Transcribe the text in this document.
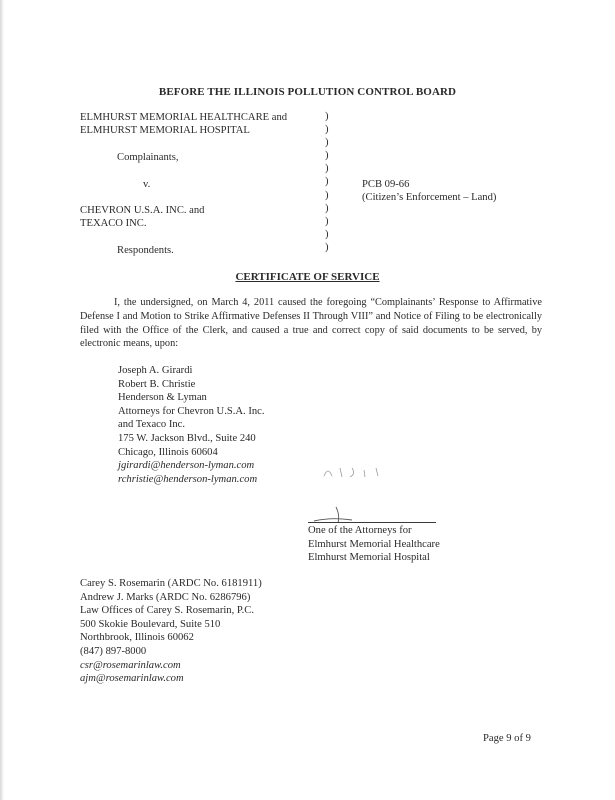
BEFORE THE ILLINOIS POLLUTION CONTROL BOARD
ELMHURST MEMORIAL HEALTHCARE and
ELMHURST MEMORIAL HOSPITAL
Complainants,
v.
CHEVRON U.S.A. INC. and
TEXACO INC.
Respondents.
)
)
)
)
)
)
)
)
)
)
)
PCB 09-66
(Citizen’s Enforcement – Land)
CERTIFICATE OF SERVICE
I, the undersigned, on March 4, 2011 caused the foregoing “Complainants’ Response to Affirmative Defense I and Motion to Strike Affirmative Defenses II Through VIII” and Notice of Filing to be electronically filed with the Office of the Clerk, and caused a true and correct copy of said documents to be served, by electronic means, upon:
Joseph A. Girardi
Robert B. Christie
Henderson & Lyman
Attorneys for Chevron U.S.A. Inc.
and Texaco Inc.
175 W. Jackson Blvd., Suite 240
Chicago, Illinois 60604
jgirardi@henderson-lyman.com
rchristie@henderson-lyman.com
One of the Attorneys for
Elmhurst Memorial Healthcare
Elmhurst Memorial Hospital
Carey S. Rosemarin (ARDC No. 6181911)
Andrew J. Marks (ARDC No. 6286796)
Law Offices of Carey S. Rosemarin, P.C.
500 Skokie Boulevard, Suite 510
Northbrook, Illinois 60062
(847) 897-8000
csr@rosemarinlaw.com
ajm@rosemarinlaw.com
Page 9 of 9
